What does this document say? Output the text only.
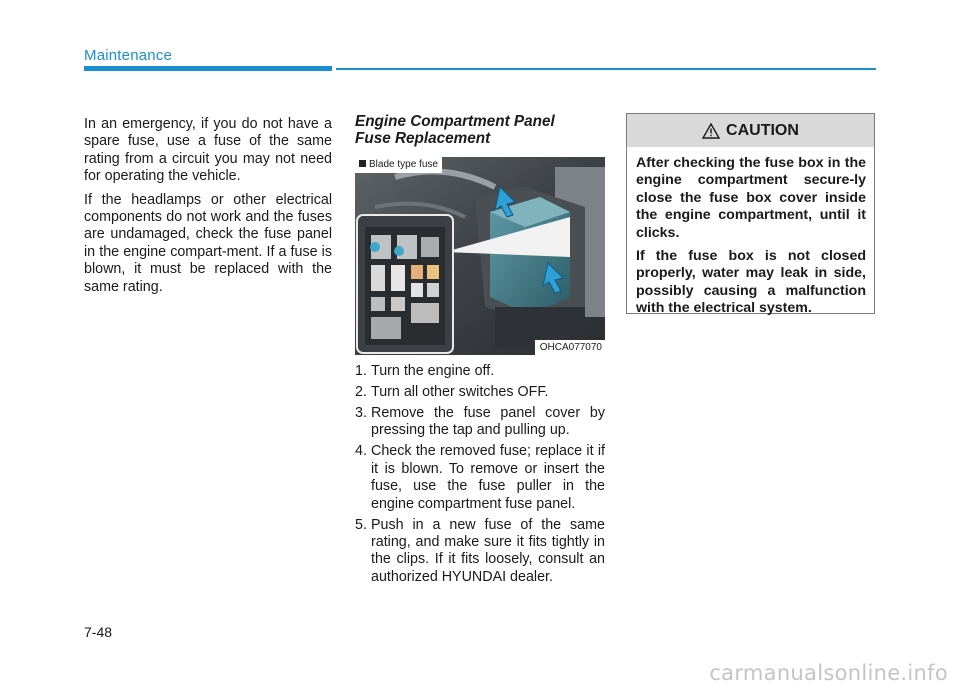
Maintenance

In an emergency, if you do not have a spare fuse, use a fuse of the same rating from a circuit you may not need for operating the vehicle.

If the headlamps or other electrical components do not work and the fuses are undamaged, check the fuse panel in the engine compart-ment. If a fuse is blown, it must be replaced with the same rating.

Engine Compartment Panel
Fuse Replacement
Blade type fuse
OHCA077070
1. Turn the engine off.
2. Turn all other switches OFF.
3. Remove the fuse panel cover by pressing the tap and pulling up.
4. Check the removed fuse; replace it if it is blown. To remove or insert the fuse, use the fuse puller in the engine compartment fuse panel.
5. Push in a new fuse of the same rating, and make sure it fits tightly in the clips. If it fits loosely, consult an authorized HYUNDAI dealer.
CAUTION

After checking the fuse box in the engine compartment secure-ly close the fuse box cover inside the engine compartment, until it clicks.

If the fuse box is not closed properly, water may leak in side, possibly causing a malfunction with the electrical system.

7-48
carmanualsonline.info
